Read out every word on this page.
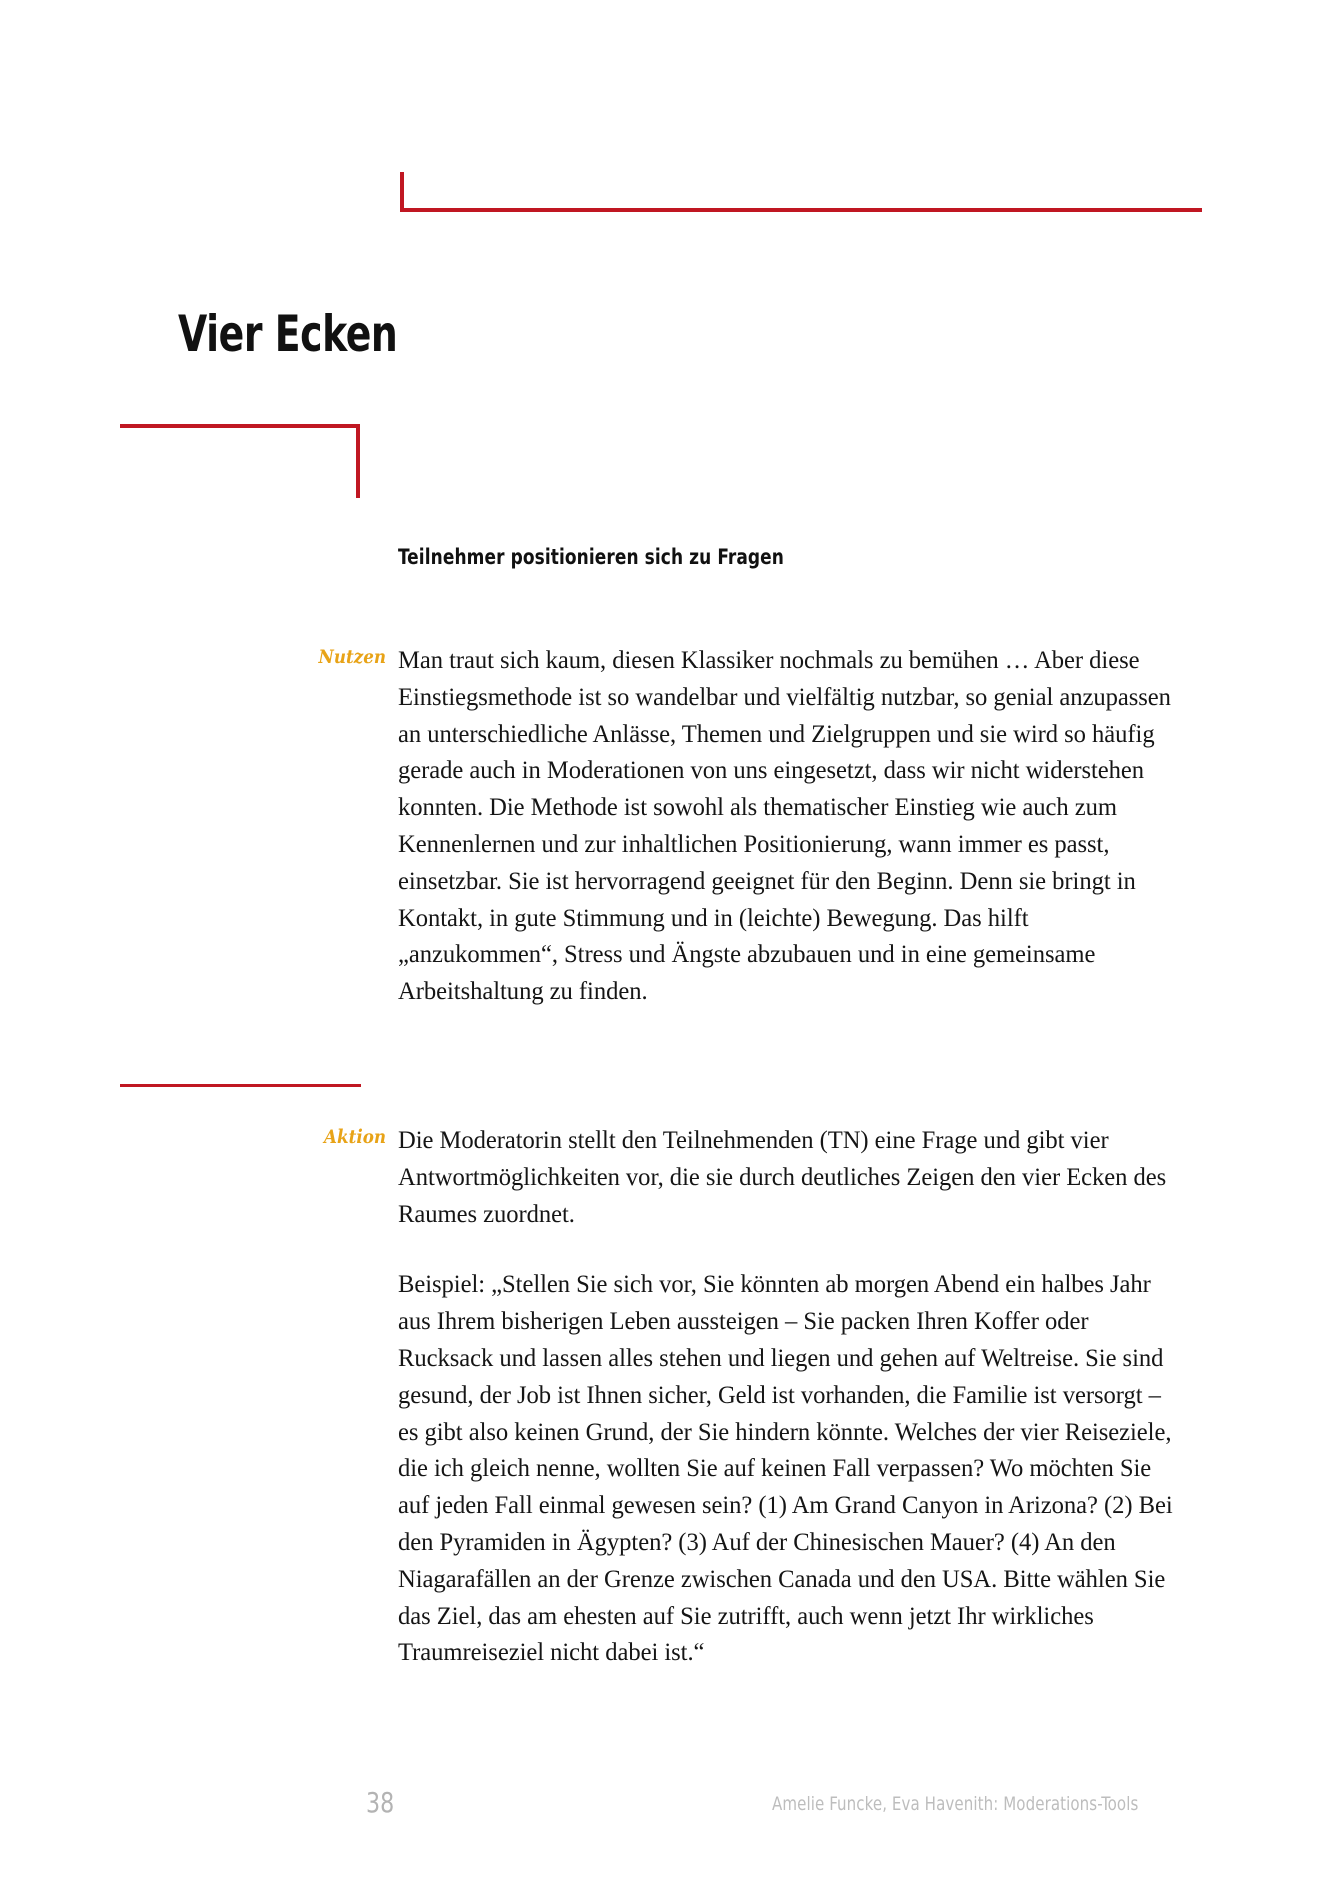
Vier Ecken
Teilnehmer positionieren sich zu Fragen
Nutzen Man traut sich kaum, diesen Klassiker nochmals zu bemühen … Aber diese Einstiegsmethode ist so wandelbar und vielfältig nutzbar, so genial anzupassen an unterschiedliche Anlässe, Themen und Zielgruppen und sie wird so häufig gerade auch in Moderationen von uns eingesetzt, dass wir nicht widerstehen konnten. Die Methode ist sowohl als thematischer Einstieg wie auch zum Kennenlernen und zur inhaltlichen Positionierung, wann immer es passt, einsetzbar. Sie ist hervorragend geeignet für den Beginn. Denn sie bringt in Kontakt, in gute Stimmung und in (leichte) Bewegung. Das hilft „anzukommen“, Stress und Ängste abzubauen und in eine gemeinsame Arbeitshaltung zu finden.

Aktion Die Moderatorin stellt den Teilnehmenden (TN) eine Frage und gibt vier Antwortmöglichkeiten vor, die sie durch deutliches Zeigen den vier Ecken des Raumes zuordnet.

Beispiel: „Stellen Sie sich vor, Sie könnten ab morgen Abend ein halbes Jahr aus Ihrem bisherigen Leben aussteigen – Sie packen Ihren Koffer oder Rucksack und lassen alles stehen und liegen und gehen auf Weltreise. Sie sind gesund, der Job ist Ihnen sicher, Geld ist vorhanden, die Familie ist versorgt – es gibt also keinen Grund, der Sie hindern könnte. Welches der vier Reiseziele, die ich gleich nenne, wollten Sie auf keinen Fall verpassen? Wo möchten Sie auf jeden Fall einmal gewesen sein? (1) Am Grand Canyon in Arizona? (2) Bei den Pyramiden in Ägypten? (3) Auf der Chinesischen Mauer? (4) An den Niagarafällen an der Grenze zwischen Canada und den USA. Bitte wählen Sie das Ziel, das am ehesten auf Sie zutrifft, auch wenn jetzt Ihr wirkliches Traumreiseziel nicht dabei ist.“

38	Amelie Funcke, Eva Havenith: Moderations-Tools
